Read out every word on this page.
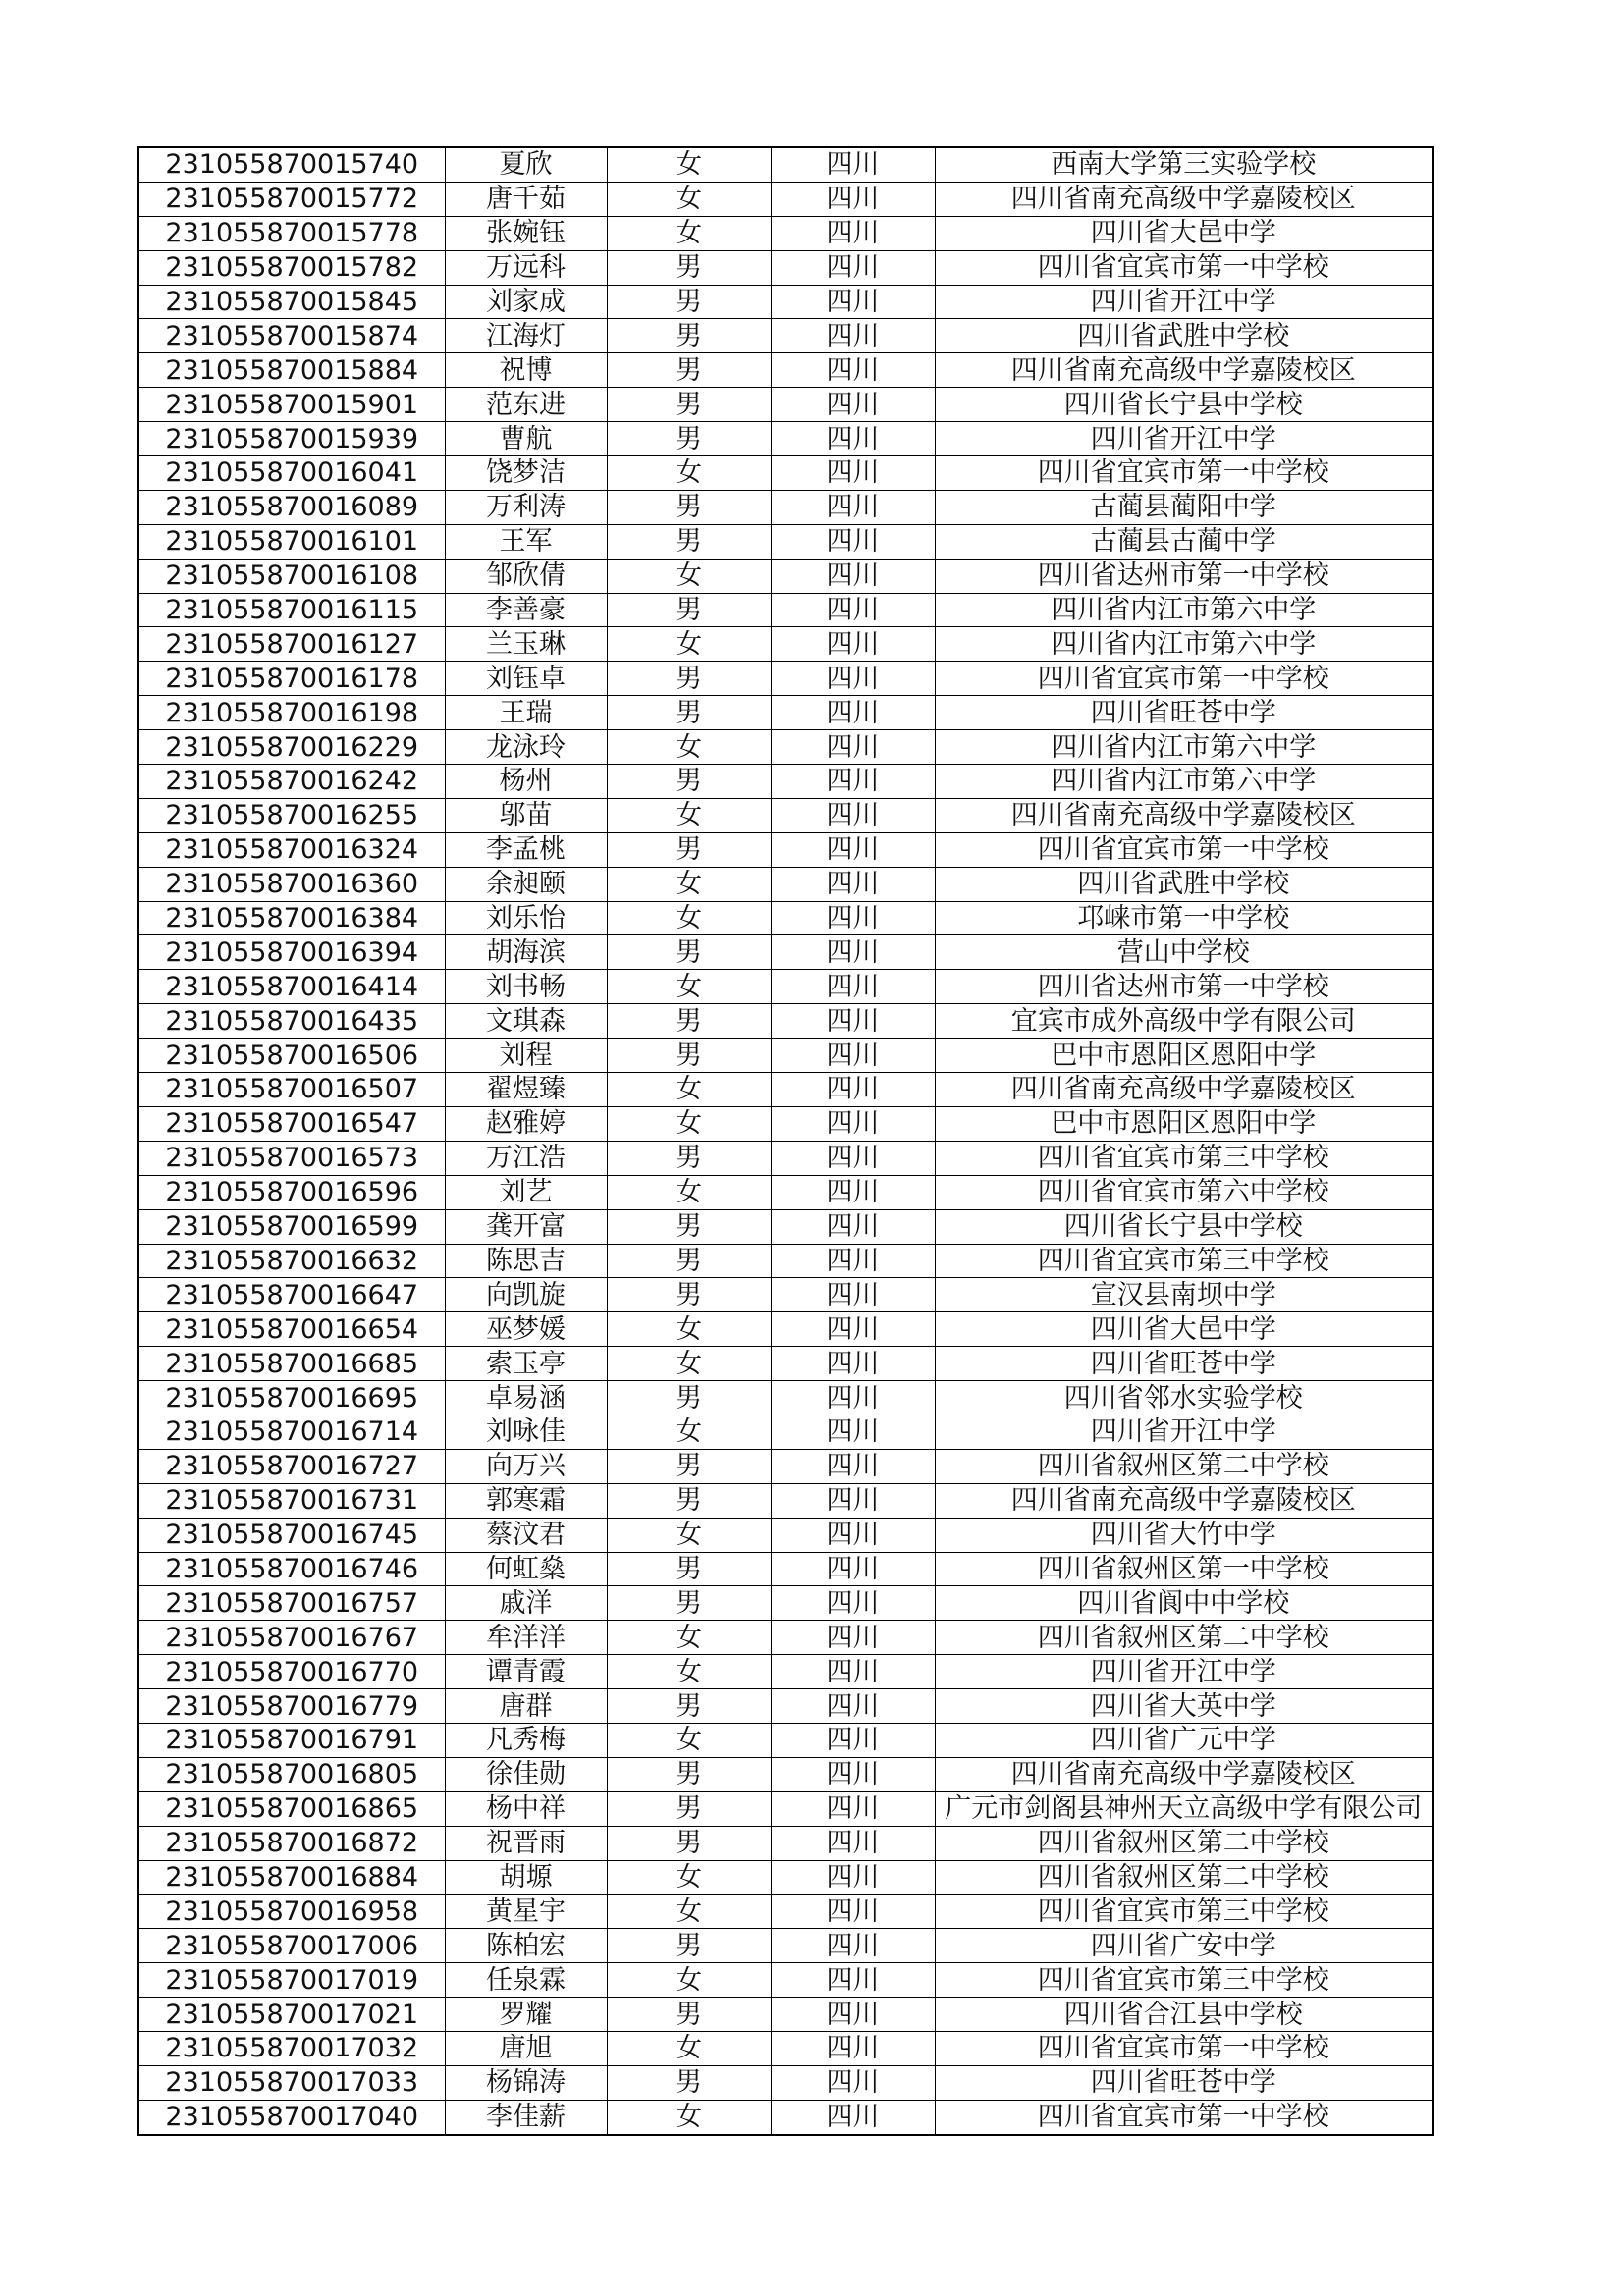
231055870015740	夏欣	女	四川	西南大学第三实验学校
231055870015772	唐千茹	女	四川	四川省南充高级中学嘉陵校区
231055870015778	张婉钰	女	四川	四川省大邑中学
231055870015782	万远科	男	四川	四川省宜宾市第一中学校
231055870015845	刘家成	男	四川	四川省开江中学
231055870015874	江海灯	男	四川	四川省武胜中学校
231055870015884	祝博	男	四川	四川省南充高级中学嘉陵校区
231055870015901	范东进	男	四川	四川省长宁县中学校
231055870015939	曹航	男	四川	四川省开江中学
231055870016041	饶梦洁	女	四川	四川省宜宾市第一中学校
231055870016089	万利涛	男	四川	古蔺县蔺阳中学
231055870016101	王军	男	四川	古蔺县古蔺中学
231055870016108	邹欣倩	女	四川	四川省达州市第一中学校
231055870016115	李善豪	男	四川	四川省内江市第六中学
231055870016127	兰玉琳	女	四川	四川省内江市第六中学
231055870016178	刘钰卓	男	四川	四川省宜宾市第一中学校
231055870016198	王瑞	男	四川	四川省旺苍中学
231055870016229	龙泳玲	女	四川	四川省内江市第六中学
231055870016242	杨州	男	四川	四川省内江市第六中学
231055870016255	邬苗	女	四川	四川省南充高级中学嘉陵校区
231055870016324	李孟桃	男	四川	四川省宜宾市第一中学校
231055870016360	余昶颐	女	四川	四川省武胜中学校
231055870016384	刘乐怡	女	四川	邛崃市第一中学校
231055870016394	胡海滨	男	四川	营山中学校
231055870016414	刘书畅	女	四川	四川省达州市第一中学校
231055870016435	文琪森	男	四川	宜宾市成外高级中学有限公司
231055870016506	刘程	男	四川	巴中市恩阳区恩阳中学
231055870016507	翟煜臻	女	四川	四川省南充高级中学嘉陵校区
231055870016547	赵雅婷	女	四川	巴中市恩阳区恩阳中学
231055870016573	万江浩	男	四川	四川省宜宾市第三中学校
231055870016596	刘艺	女	四川	四川省宜宾市第六中学校
231055870016599	龚开富	男	四川	四川省长宁县中学校
231055870016632	陈思吉	男	四川	四川省宜宾市第三中学校
231055870016647	向凯旋	男	四川	宣汉县南坝中学
231055870016654	巫梦媛	女	四川	四川省大邑中学
231055870016685	索玉亭	女	四川	四川省旺苍中学
231055870016695	卓易涵	男	四川	四川省邻水实验学校
231055870016714	刘咏佳	女	四川	四川省开江中学
231055870016727	向万兴	男	四川	四川省叙州区第二中学校
231055870016731	郭寒霜	男	四川	四川省南充高级中学嘉陵校区
231055870016745	蔡汶君	女	四川	四川省大竹中学
231055870016746	何虹燊	男	四川	四川省叙州区第一中学校
231055870016757	戚洋	男	四川	四川省阆中中学校
231055870016767	牟洋洋	女	四川	四川省叙州区第二中学校
231055870016770	谭青霞	女	四川	四川省开江中学
231055870016779	唐群	男	四川	四川省大英中学
231055870016791	凡秀梅	女	四川	四川省广元中学
231055870016805	徐佳勋	男	四川	四川省南充高级中学嘉陵校区
231055870016865	杨中祥	男	四川	广元市剑阁县神州天立高级中学有限公司
231055870016872	祝晋雨	男	四川	四川省叙州区第二中学校
231055870016884	胡塬	女	四川	四川省叙州区第二中学校
231055870016958	黄星宇	女	四川	四川省宜宾市第三中学校
231055870017006	陈柏宏	男	四川	四川省广安中学
231055870017019	任泉霖	女	四川	四川省宜宾市第三中学校
231055870017021	罗耀	男	四川	四川省合江县中学校
231055870017032	唐旭	女	四川	四川省宜宾市第一中学校
231055870017033	杨锦涛	男	四川	四川省旺苍中学
231055870017040	李佳薪	女	四川	四川省宜宾市第一中学校
